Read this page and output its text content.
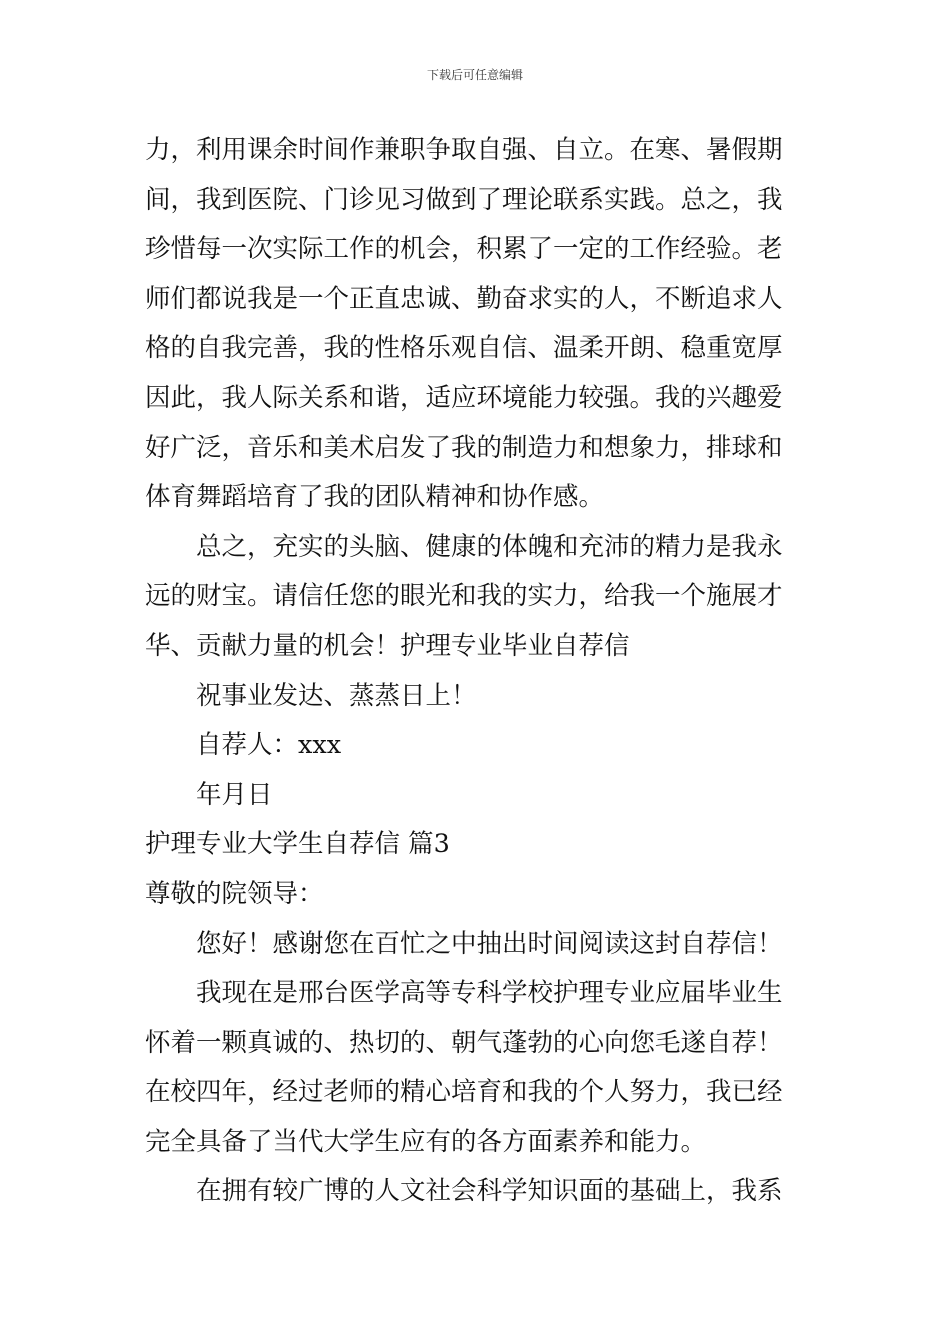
下载后可任意编辑
力，利用课余时间作兼职争取自强、自立。在寒、暑假期
间，我到医院、门诊见习做到了理论联系实践。总之，我
珍惜每一次实际工作的机会，积累了一定的工作经验。老
师们都说我是一个正直忠诚、勤奋求实的人，不断追求人
格的自我完善，我的性格乐观自信、温柔开朗、稳重宽厚
因此，我人际关系和谐，适应环境能力较强。我的兴趣爱
好广泛，音乐和美术启发了我的制造力和想象力，排球和
体育舞蹈培育了我的团队精神和协作感。
总之，充实的头脑、健康的体魄和充沛的精力是我永
远的财宝。请信任您的眼光和我的实力，给我一个施展才
华、贡献力量的机会！护理专业毕业自荐信
祝事业发达、蒸蒸日上！
自荐人：xxx
年月日
护理专业大学生自荐信 篇3
尊敬的院领导：
您好！感谢您在百忙之中抽出时间阅读这封自荐信！
我现在是邢台医学高等专科学校护理专业应届毕业生
怀着一颗真诚的、热切的、朝气蓬勃的心向您毛遂自荐！
在校四年，经过老师的精心培育和我的个人努力，我已经
完全具备了当代大学生应有的各方面素养和能力。
在拥有较广博的人文社会科学知识面的基础上，我系
